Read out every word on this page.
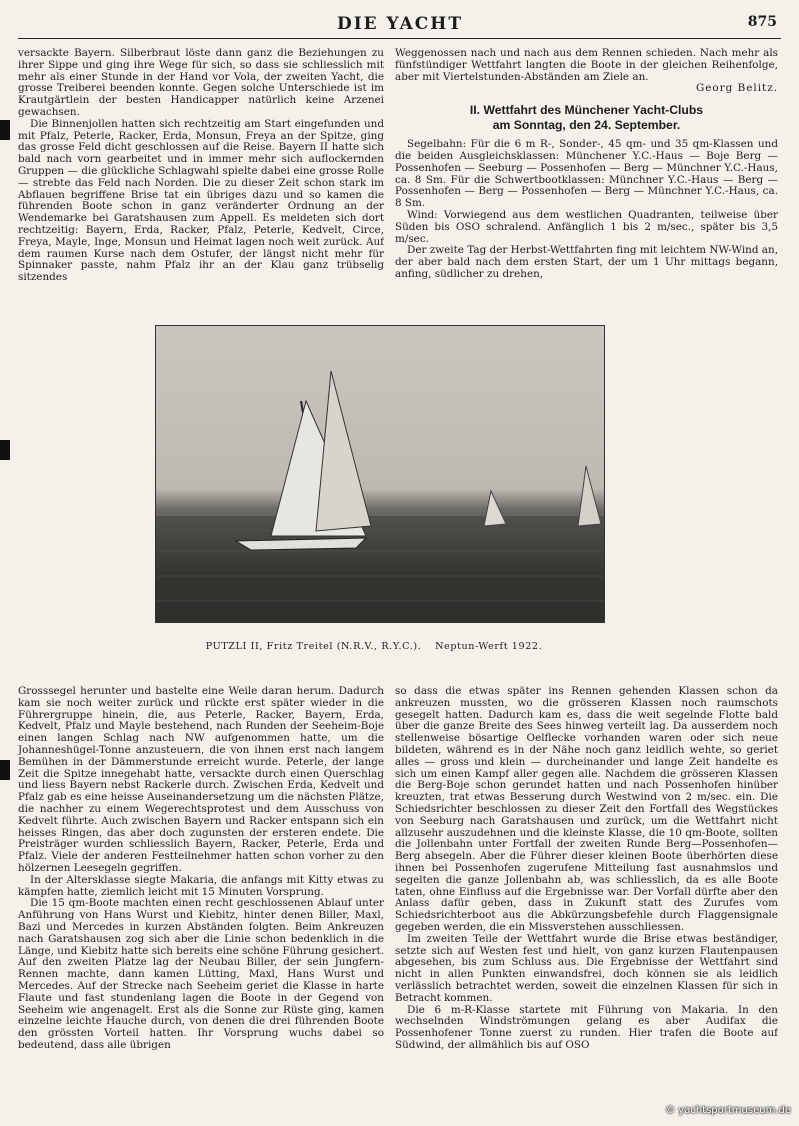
DIE YACHT	875

versackte Bayern. Silberbraut löste dann ganz die Beziehungen zu ihrer Sippe und ging ihre Wege für sich, so dass sie schliesslich mit mehr als einer Stunde in der Hand vor Vola, der zweiten Yacht, die grosse Treiberei beenden konnte. Gegen solche Unterschiede ist im Krautgärtlein der besten Handicapper natürlich keine Arzenei gewachsen.

Die Binnenjollen hatten sich rechtzeitig am Start eingefunden und mit Pfalz, Peterle, Racker, Erda, Monsun, Freya an der Spitze, ging das grosse Feld dicht geschlossen auf die Reise. Bayern II hatte sich bald nach vorn gearbeitet und in immer mehr sich auflockernden Gruppen — die glückliche Schlagwahl spielte dabei eine grosse Rolle — strebte das Feld nach Norden. Die zu dieser Zeit schon stark im Abflauen begriffene Brise tat ein übriges dazu und so kamen die führenden Boote schon in ganz veränderter Ordnung an der Wendemarke bei Garatshausen zum Appell. Es meldeten sich dort rechtzeitig: Bayern, Erda, Racker, Pfalz, Peterle, Kedvelt, Circe, Freya, Mayle, Inge, Monsun und Heimat lagen noch weit zurück. Auf dem raumen Kurse nach dem Ostufer, der längst nicht mehr für Spinnaker passte, nahm Pfalz ihr an der Klau ganz trübselig sitzendes

Weggenossen nach und nach aus dem Rennen schieden. Nach mehr als fünfstündiger Wettfahrt langten die Boote in der gleichen Reihenfolge, aber mit Viertelstunden-Abständen am Ziele an.

Georg Belitz.
II. Wettfahrt des Münchener Yacht-Clubs
am Sonntag, den 24. September.

Segelbahn: Für die 6 m R-, Sonder-, 45 qm- und 35 qm-Klassen und die beiden Ausgleichsklassen: Münchener Y.C.-Haus — Boje Berg — Possenhofen — Seeburg — Possenhofen — Berg — Münchner Y.C.-Haus, ca. 8 Sm. Für die Schwertbootklassen: Münchner Y.C.-Haus — Berg — Possenhofen — Berg — Possenhofen — Berg — Münchner Y.C.-Haus, ca. 8 Sm.

Wind: Vorwiegend aus dem westlichen Quadranten, teilweise über Süden bis OSO schralend. Anfänglich 1 bis 2 m/sec., später bis 3,5 m/sec.

Der zweite Tag der Herbst-Wettfahrten fing mit leichtem NW-Wind an, der aber bald nach dem ersten Start, der um 1 Uhr mittags begann, anfing, südlicher zu drehen,

PUTZLI II, Fritz Treitel (N.R.V., R.Y.C.). Neptun-Werft 1922.

Grosssegel herunter und bastelte eine Weile daran herum. Dadurch kam sie noch weiter zurück und rückte erst später wieder in die Führergruppe hinein, die, aus Peterle, Racker, Bayern, Erda, Kedvelt, Pfalz und Mayle bestehend, nach Runden der Seeheim-Boje einen langen Schlag nach NW aufgenommen hatte, um die Johanneshügel-Tonne anzusteuern, die von ihnen erst nach langem Bemühen in der Dämmerstunde erreicht wurde. Peterle, der lange Zeit die Spitze innegehabt hatte, versackte durch einen Querschlag und liess Bayern nebst Rackerle durch. Zwischen Erda, Kedvelt und Pfalz gab es eine heisse Auseinandersetzung um die nächsten Plätze, die nachher zu einem Wegerechtsprotest und dem Ausschuss von Kedvelt führte. Auch zwischen Bayern und Racker entspann sich ein heisses Ringen, das aber doch zugunsten der ersteren endete. Die Preisträger wurden schliesslich Bayern, Racker, Peterle, Erda und Pfalz. Viele der anderen Festteilnehmer hatten schon vorher zu den hölzernen Leesegeln gegriffen.

In der Altersklasse siegte Makaria, die anfangs mit Kitty etwas zu kämpfen hatte, ziemlich leicht mit 15 Minuten Vorsprung.

Die 15 qm-Boote machten einen recht geschlossenen Ablauf unter Anführung von Hans Wurst und Kiebitz, hinter denen Biller, Maxl, Bazi und Mercedes in kurzen Abständen folgten. Beim Ankreuzen nach Garatshausen zog sich aber die Linie schon bedenklich in die Länge, und Kiebitz hatte sich bereits eine schöne Führung gesichert. Auf den zweiten Platze lag der Neubau Biller, der sein Jungfern-Rennen machte, dann kamen Lütting, Maxl, Hans Wurst und Mercedes. Auf der Strecke nach Seeheim geriet die Klasse in harte Flaute und fast stundenlang lagen die Boote in der Gegend von Seeheim wie angenagelt. Erst als die Sonne zur Rüste ging, kamen einzelne leichte Hauche durch, von denen die drei führenden Boote den grössten Vorteil hatten. Ihr Vorsprung wuchs dabei so bedeutend, dass alle übrigen

so dass die etwas später ins Rennen gehenden Klassen schon da ankreuzen mussten, wo die grösseren Klassen noch raumschots gesegelt hatten. Dadurch kam es, dass die weit segelnde Flotte bald über die ganze Breite des Sees hinweg verteilt lag. Da ausserdem noch stellenweise bösartige Oelflecke vorhanden waren oder sich neue bildeten, während es in der Nähe noch ganz leidlich wehte, so geriet alles — gross und klein — durcheinander und lange Zeit handelte es sich um einen Kampf aller gegen alle. Nachdem die grösseren Klassen die Berg-Boje schon gerundet hatten und nach Possenhofen hinüber kreuzten, trat etwas Besserung durch Westwind von 2 m/sec. ein. Die Schiedsrichter beschlossen zu dieser Zeit den Fortfall des Wegstückes von Seeburg nach Garatshausen und zurück, um die Wettfahrt nicht allzusehr auszudehnen und die kleinste Klasse, die 10 qm-Boote, sollten die Jollenbahn unter Fortfall der zweiten Runde Berg—Possenhofen—Berg absegeln. Aber die Führer dieser kleinen Boote überhörten diese ihnen bei Possenhofen zugerufene Mitteilung fast ausnahmslos und segelten die ganze Jollenbahn ab, was schliesslich, da es alle Boote taten, ohne Einfluss auf die Ergebnisse war. Der Vorfall dürfte aber den Anlass dafür geben, dass in Zukunft statt des Zurufes vom Schiedsrichterboot aus die Abkürzungsbefehle durch Flaggensignale gegeben werden, die ein Missverstehen ausschliessen.

Im zweiten Teile der Wettfahrt wurde die Brise etwas beständiger, setzte sich auf Westen fest und hielt, von ganz kurzen Flautenpausen abgesehen, bis zum Schluss aus. Die Ergebnisse der Wettfahrt sind nicht in allen Punkten einwandsfrei, doch können sie als leidlich verlässlich betrachtet werden, soweit die einzelnen Klassen für sich in Betracht kommen.

Die 6 m-R-Klasse startete mit Führung von Makaria. In den wechselnden Windströmungen gelang es aber Audifax die Possenhofener Tonne zuerst zu runden. Hier trafen die Boote auf Südwind, der allmählich bis auf OSO

© yachtsportmuseum.de
